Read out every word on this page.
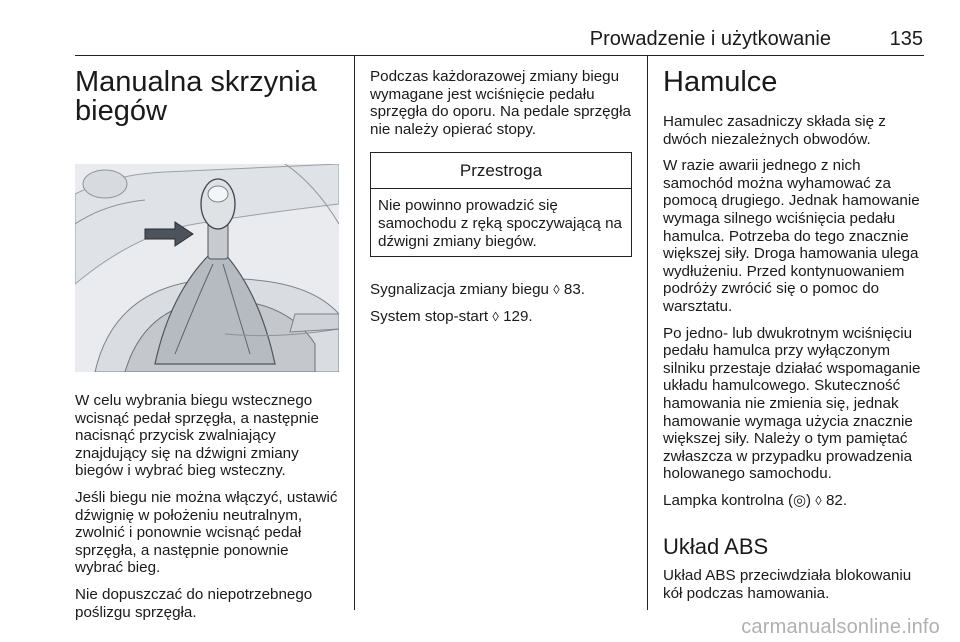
Prowadzenie i użytkowanie	135
Manualna skrzynia
biegów

W celu wybrania biegu wstecznego wcisnąć pedał sprzęgła, a następnie nacisnąć przycisk zwalniający znajdujący się na dźwigni zmiany biegów i wybrać bieg wsteczny.

Jeśli biegu nie można włączyć, ustawić dźwignię w położeniu neutralnym, zwolnić i ponownie wcisnąć pedał sprzęgła, a następnie ponownie wybrać bieg.

Nie dopuszczać do niepotrzebnego poślizgu sprzęgła.

Podczas każdorazowej zmiany biegu wymagane jest wciśnięcie pedału sprzęgła do oporu. Na pedale sprzęgła nie należy opierać stopy.

Przestroga

Nie powinno prowadzić się samochodu z ręką spoczywającą na dźwigni zmiany biegów.

Sygnalizacja zmiany biegu ◊ 83.

System stop-start ◊ 129.

Hamulce

Hamulec zasadniczy składa się z dwóch niezależnych obwodów.

W razie awarii jednego z nich samochód można wyhamować za pomocą drugiego. Jednak hamowanie wymaga silnego wciśnięcia pedału hamulca. Potrzeba do tego znacznie większej siły. Droga hamowania ulega wydłużeniu. Przed kontynuowaniem podróży zwrócić się o pomoc do warsztatu.

Po jedno- lub dwukrotnym wciśnięciu pedału hamulca przy wyłączonym silniku przestaje działać wspomaganie układu hamulcowego. Skuteczność hamowania nie zmienia się, jednak hamowanie wymaga użycia znacznie większej siły. Należy o tym pamiętać zwłaszcza w przypadku prowadzenia holowanego samochodu.

Lampka kontrolna (◎) ◊ 82.

Układ ABS

Układ ABS przeciwdziała blokowaniu kół podczas hamowania.

carmanualsonline.info
